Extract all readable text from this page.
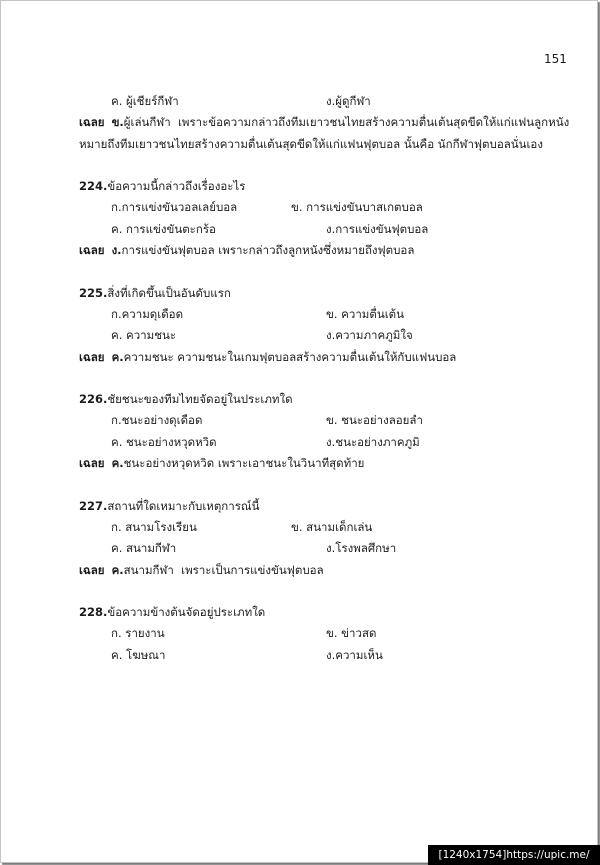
151
ค. ผู้เชียร์กีฬา	ง.ผู้ดูกีฬา
เฉลย ข.ผู้เล่นกีฬา  เพราะข้อความกล่าวถึงทีมเยาวชนไทยสร้างความตื่นเต้นสุดขีดให้แก่แฟนลูกหนัง
หมายถึงทีมเยาวชนไทยสร้างความตื่นเต้นสุดขีดให้แก่แฟนฟุตบอล นั้นคือ นักกีฬาฟุตบอลนั่นเอง
224.ข้อความนี้กล่าวถึงเรื่องอะไร
ก.การแข่งขันวอลเลย์บอล	ข. การแข่งขันบาสเกตบอล
ค. การแข่งขันตะกร้อ	ง.การแข่งขันฟุตบอล
เฉลย ง.การแข่งขันฟุตบอล เพราะกล่าวถึงลูกหนังซึ่งหมายถึงฟุตบอล
225.สิ่งที่เกิดขึ้นเป็นอันดับแรก
ก.ความดุเดือด	ข. ความตื่นเต้น
ค. ความชนะ	ง.ความภาคภูมิใจ
เฉลย ค.ความชนะ ความชนะในเกมฟุตบอลสร้างความตื่นเต้นให้กับแฟนบอล
226.ชัยชนะของทีมไทยจัดอยู่ในประเภทใด
ก.ชนะอย่างดุเดือด	ข. ชนะอย่างลอยลำ
ค. ชนะอย่างหวุดหวิด	ง.ชนะอย่างภาคภูมิ
เฉลย ค.ชนะอย่างหวุดหวิด เพราะเอาชนะในวินาทีสุดท้าย
227.สถานที่ใดเหมาะกับเหตุการณ์นี้
ก. สนามโรงเรียน	ข. สนามเด็กเล่น
ค. สนามกีฬา	ง.โรงพลศึกษา
เฉลย ค.สนามกีฬา  เพราะเป็นการแข่งขันฟุตบอล
228.ข้อความข้างต้นจัดอยู่ประเภทใด
ก. รายงาน	ข. ข่าวสด
ค. โฆษณา	ง.ความเห็น
[1240x1754]https://upic.me/
